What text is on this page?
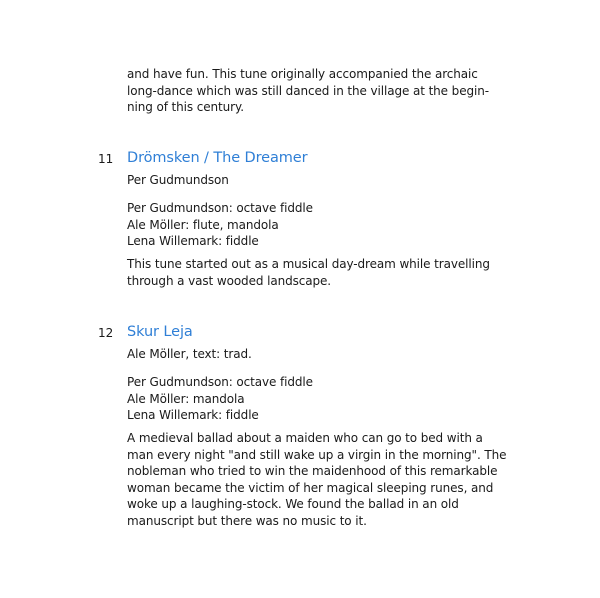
and have fun. This tune originally accompanied the archaic
long-dance which was still danced in the village at the begin-
ning of this century.

11 Drömsken / The Dreamer

Per Gudmundson

Per Gudmundson: octave fiddle
Ale Möller: flute, mandola
Lena Willemark: fiddle

This tune started out as a musical day-dream while travelling
through a vast wooded landscape.

12 Skur Leja

Ale Möller, text: trad.

Per Gudmundson: octave fiddle
Ale Möller: mandola
Lena Willemark: fiddle

A medieval ballad about a maiden who can go to bed with a
man every night "and still wake up a virgin in the morning". The
nobleman who tried to win the maidenhood of this remarkable
woman became the victim of her magical sleeping runes, and
woke up a laughing-stock. We found the ballad in an old
manuscript but there was no music to it.
